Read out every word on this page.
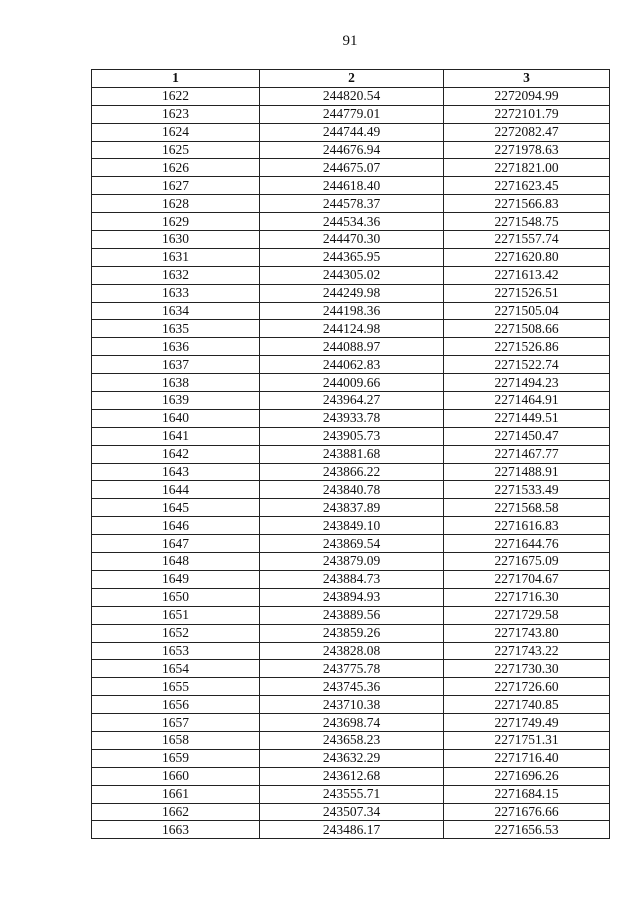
91
1	2	3
1622	244820.54	2272094.99
1623	244779.01	2272101.79
1624	244744.49	2272082.47
1625	244676.94	2271978.63
1626	244675.07	2271821.00
1627	244618.40	2271623.45
1628	244578.37	2271566.83
1629	244534.36	2271548.75
1630	244470.30	2271557.74
1631	244365.95	2271620.80
1632	244305.02	2271613.42
1633	244249.98	2271526.51
1634	244198.36	2271505.04
1635	244124.98	2271508.66
1636	244088.97	2271526.86
1637	244062.83	2271522.74
1638	244009.66	2271494.23
1639	243964.27	2271464.91
1640	243933.78	2271449.51
1641	243905.73	2271450.47
1642	243881.68	2271467.77
1643	243866.22	2271488.91
1644	243840.78	2271533.49
1645	243837.89	2271568.58
1646	243849.10	2271616.83
1647	243869.54	2271644.76
1648	243879.09	2271675.09
1649	243884.73	2271704.67
1650	243894.93	2271716.30
1651	243889.56	2271729.58
1652	243859.26	2271743.80
1653	243828.08	2271743.22
1654	243775.78	2271730.30
1655	243745.36	2271726.60
1656	243710.38	2271740.85
1657	243698.74	2271749.49
1658	243658.23	2271751.31
1659	243632.29	2271716.40
1660	243612.68	2271696.26
1661	243555.71	2271684.15
1662	243507.34	2271676.66
1663	243486.17	2271656.53
